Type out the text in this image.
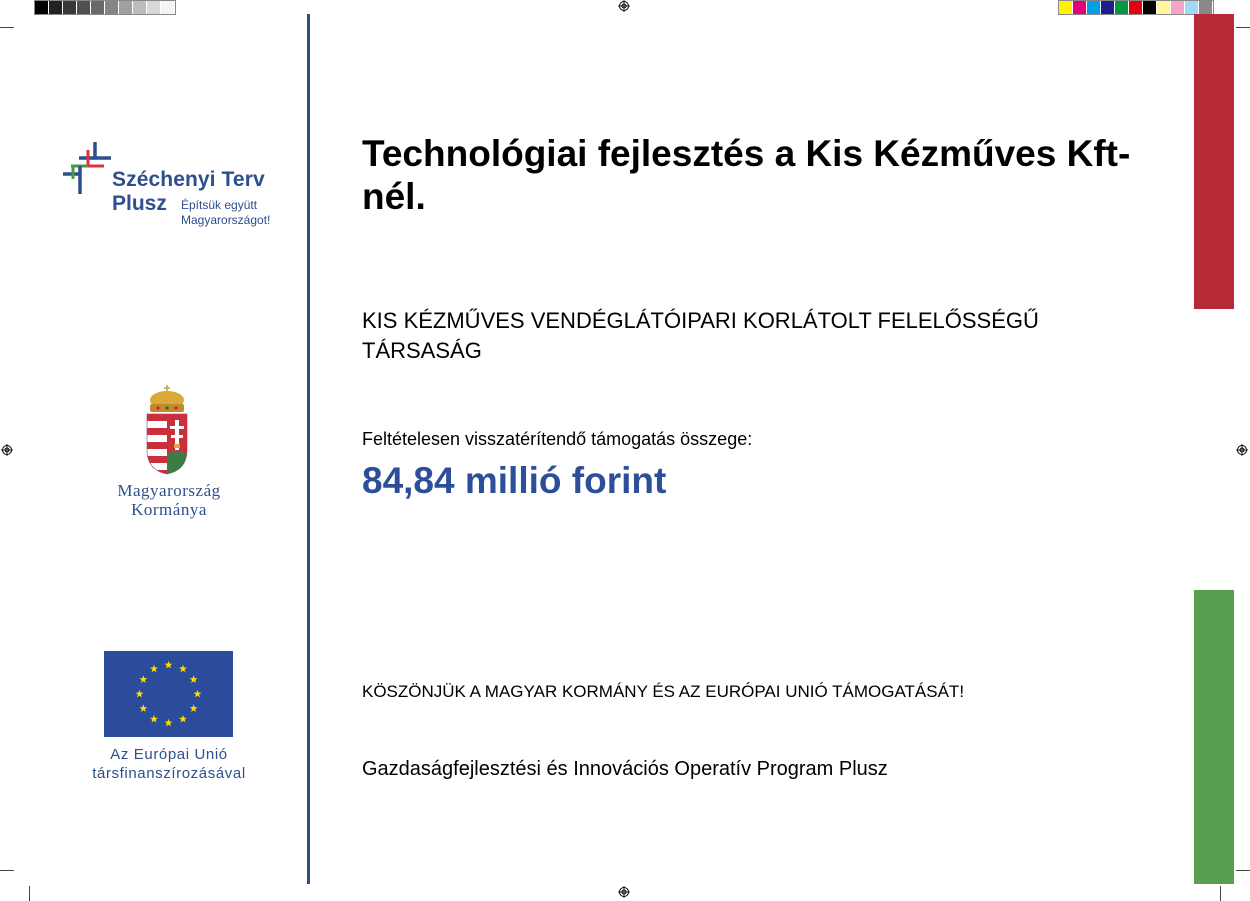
Széchenyi Terv
Plusz Építsük együtt
Magyarországot!
Magyarország
Kormánya
Az Európai Unió
társfinanszírozásával
Technológiai fejlesztés a Kis Kézműves Kft-nél.
KIS KÉZMŰVES VENDÉGLÁTÓIPARI KORLÁTOLT FELELŐSSÉGŰ TÁRSASÁG
Feltételesen visszatérítendő támogatás összege:
84,84 millió forint
KÖSZÖNJÜK A MAGYAR KORMÁNY ÉS AZ EURÓPAI UNIÓ TÁMOGATÁSÁT!
Gazdaságfejlesztési és Innovációs Operatív Program Plusz
